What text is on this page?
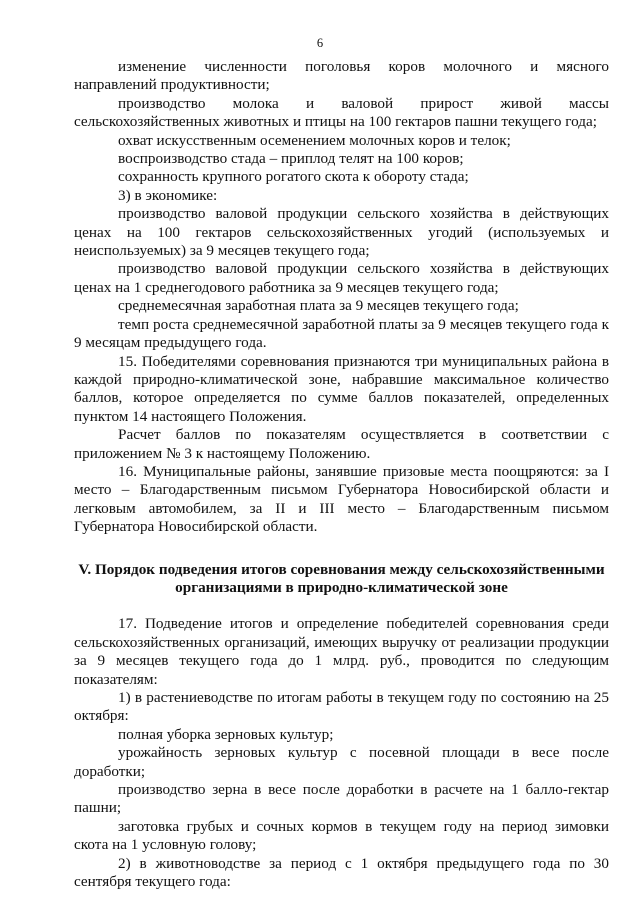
6

изменение численности поголовья коров молочного и мясного направлений продуктивности;

производство молока и валовой прирост живой массы сельскохозяйственных животных и птицы на 100 гектаров пашни текущего года;

охват искусственным осеменением молочных коров и телок;

воспроизводство стада – приплод телят на 100 коров;

сохранность крупного рогатого скота к обороту стада;

3) в экономике:

производство валовой продукции сельского хозяйства в действующих ценах на 100 гектаров сельскохозяйственных угодий (используемых и неиспользуемых) за 9 месяцев текущего года;

производство валовой продукции сельского хозяйства в действующих ценах на 1 среднегодового работника за 9 месяцев текущего года;

среднемесячная заработная плата за 9 месяцев текущего года;

темп роста среднемесячной заработной платы за 9 месяцев текущего года к 9 месяцам предыдущего года.

15. Победителями соревнования признаются три муниципальных района в каждой природно-климатической зоне, набравшие максимальное количество баллов, которое определяется по сумме баллов показателей, определенных пунктом 14 настоящего Положения.

Расчет баллов по показателям осуществляется в соответствии с приложением № 3 к настоящему Положению.

16. Муниципальные районы, занявшие призовые места поощряются: за I место – Благодарственным письмом Губернатора Новосибирской области и легковым автомобилем, за II и III место – Благодарственным письмом Губернатора Новосибирской области.

V. Порядок подведения итогов соревнования между сельскохозяйственными
организациями в природно-климатической зоне

17. Подведение итогов и определение победителей соревнования среди сельскохозяйственных организаций, имеющих выручку от реализации продукции за 9 месяцев текущего года до 1 млрд. руб., проводится по следующим показателям:

1) в растениеводстве по итогам работы в текущем году по состоянию на 25 октября:

полная уборка зерновых культур;

урожайность зерновых культур с посевной площади в весе после доработки;

производство зерна в весе после доработки в расчете на 1 балло-гектар пашни;

заготовка грубых и сочных кормов в текущем году на период зимовки скота на 1 условную голову;

2) в животноводстве за период с 1 октября предыдущего года по 30 сентября текущего года:
